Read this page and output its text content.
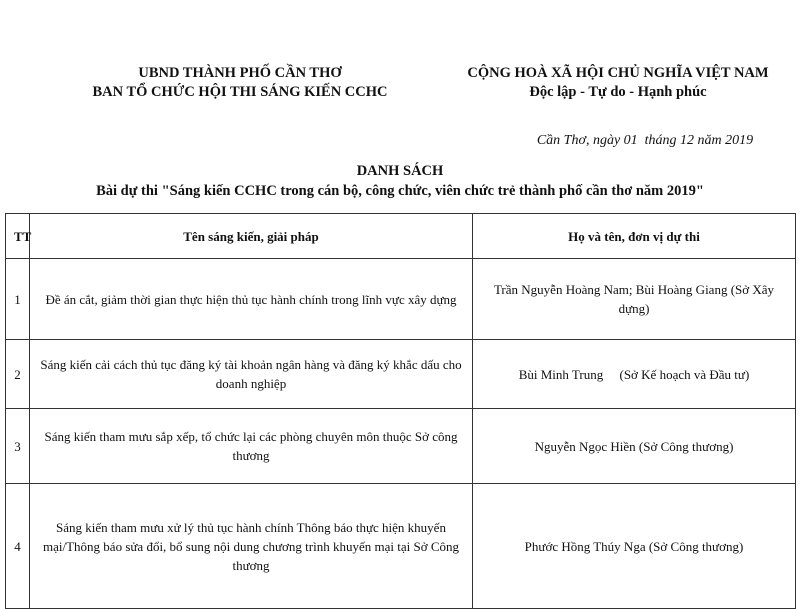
UBND THÀNH PHỐ CẦN THƠ
BAN TỔ CHỨC HỘI THI SÁNG KIẾN CCHC
CỘNG HOÀ XÃ HỘI CHỦ NGHĨA VIỆT NAM
Độc lập - Tự do - Hạnh phúc
Cần Thơ, ngày 01  tháng 12 năm 2019
DANH SÁCH
Bài dự thi "Sáng kiến CCHC trong cán bộ, công chức, viên chức trẻ thành phố cần thơ năm 2019"
TT	Tên sáng kiến, giải pháp	Họ và tên, đơn vị dự thi
1	Đề án cắt, giảm thời gian thực hiện thủ tục hành chính trong lĩnh vực xây dựng	Trần Nguyễn Hoàng Nam; Bùi Hoàng Giang (Sở Xây dựng)
2	Sáng kiến cải cách thủ tục đăng ký tài khoản ngân hàng và đăng ký khắc dấu cho doanh nghiệp	Bùi Minh Trung     (Sở Kế hoạch và Đầu tư)
3	Sáng kiến tham mưu sắp xếp, tổ chức lại các phòng chuyên môn thuộc Sở công thương	Nguyễn Ngọc Hiền (Sở Công thương)
4	Sáng kiến tham mưu xử lý thủ tục hành chính Thông báo thực hiện khuyến mại/Thông báo sửa đổi, bổ sung nội dung chương trình khuyến mại tại Sở Công thương	Phước Hồng Thúy Nga (Sở Công thương)
